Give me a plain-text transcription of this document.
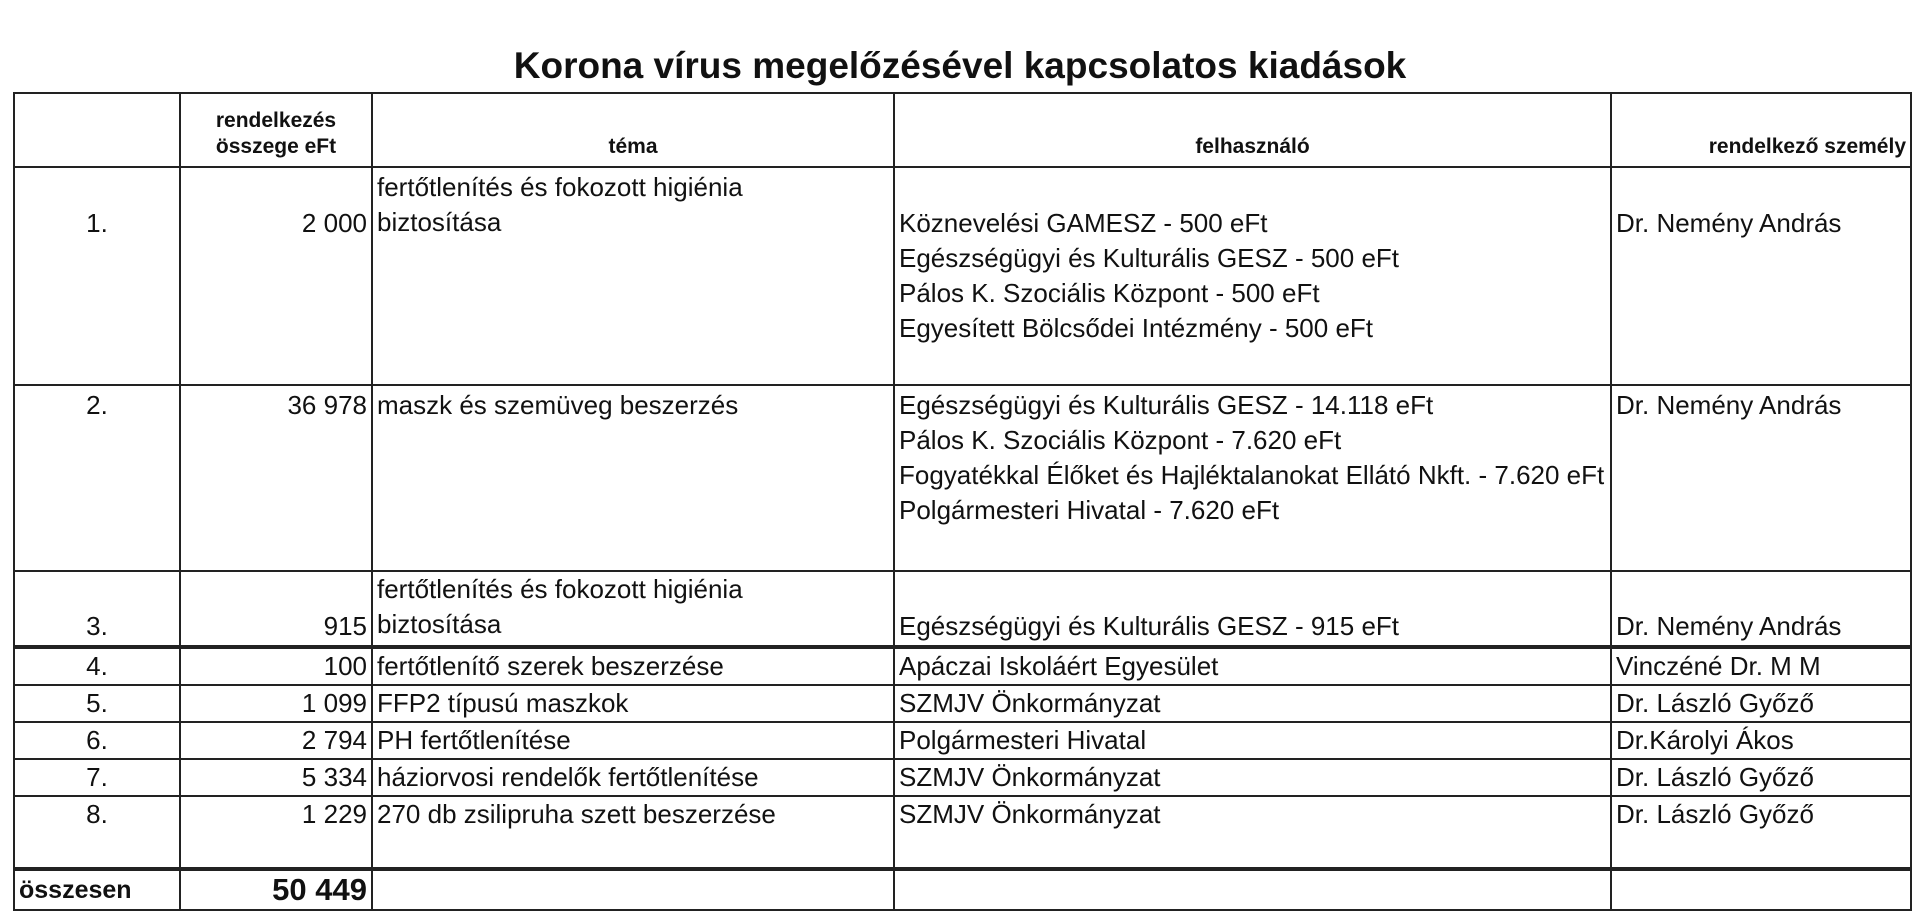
Korona vírus megelőzésével kapcsolatos kiadások

	rendelkezés
összege eFt	téma	felhasználó	rendelkező személy
1.	2 000	fertőtlenítés és fokozott higiénia
biztosítása	Köznevelési GAMESZ - 500 eFt
Egészségügyi és Kulturális GESZ - 500 eFt
Pálos K. Szociális Központ - 500 eFt
Egyesített Bölcsődei Intézmény - 500 eFt	Dr. Nemény András
2.	36 978	maszk és szemüveg beszerzés	Egészségügyi és Kulturális GESZ - 14.118 eFt
Pálos K. Szociális Központ - 7.620 eFt
Fogyatékkal Élőket és Hajléktalanokat Ellátó Nkft. - 7.620 eFt
Polgármesteri Hivatal - 7.620 eFt	Dr. Nemény András
3.	915	fertőtlenítés és fokozott higiénia
biztosítása	Egészségügyi és Kulturális GESZ - 915 eFt	Dr. Nemény András
4.	100	fertőtlenítő szerek beszerzése	Apáczai Iskoláért Egyesület	Vinczéné Dr. M M
5.	1 099	FFP2 típusú maszkok	SZMJV Önkormányzat	Dr. László Győző
6.	2 794	PH fertőtlenítése	Polgármesteri Hivatal	Dr.Károlyi Ákos
7.	5 334	háziorvosi rendelők fertőtlenítése	SZMJV Önkormányzat	Dr. László Győző
8.	1 229	270 db zsilipruha szett beszerzése	SZMJV Önkormányzat	Dr. László Győző
összesen	50 449			
